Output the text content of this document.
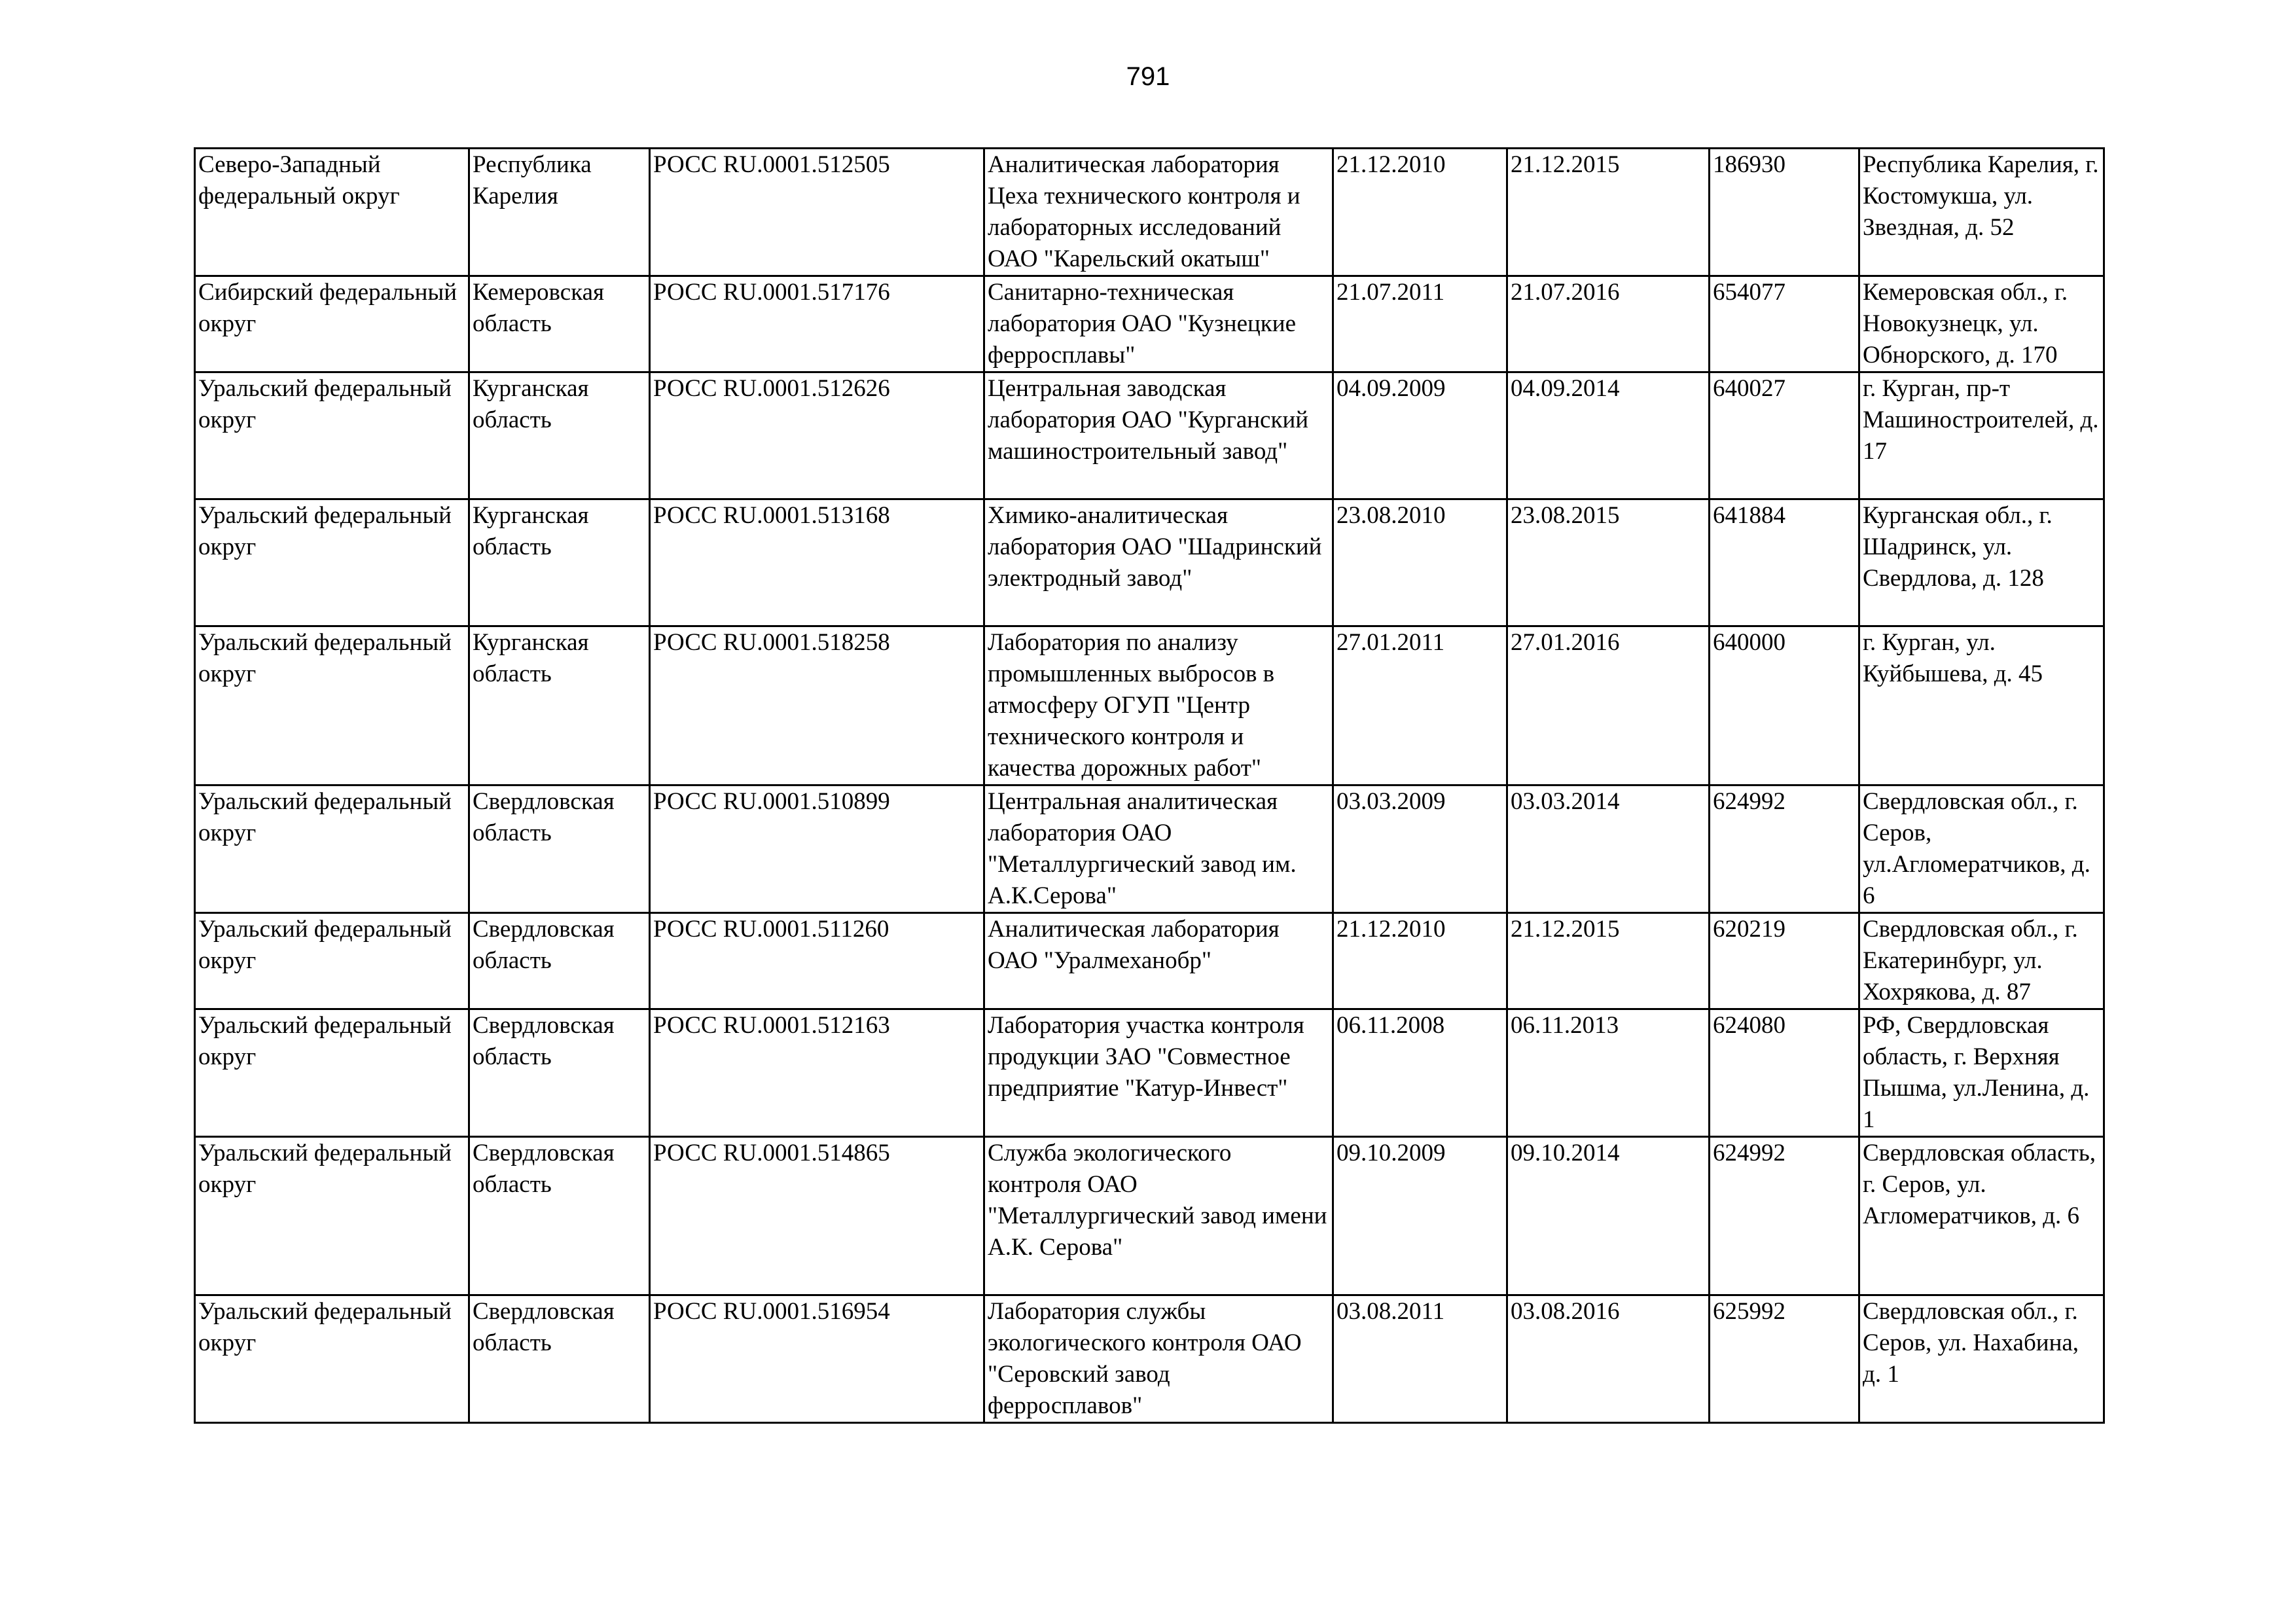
791
Северо-Западный федеральный округ	Республика Карелия	РОСС RU.0001.512505	Аналитическая лаборатория Цеха технического контроля и лабораторных исследований ОАО "Карельский окатыш"	21.12.2010	21.12.2015	186930	Республика Карелия, г. Костомукша, ул. Звездная, д. 52
Сибирский федеральный округ	Кемеровская область	РОСС RU.0001.517176	Санитарно-техническая лаборатория ОАО "Кузнецкие ферросплавы"	21.07.2011	21.07.2016	654077	Кемеровская обл., г. Новокузнецк, ул. Обнорского, д. 170
Уральский федеральный округ	Курганская область	РОСС RU.0001.512626	Центральная заводская лаборатория ОАО "Курганский машиностроительный завод"	04.09.2009	04.09.2014	640027	г. Курган, пр-т Машиностроителей, д. 17
Уральский федеральный округ	Курганская область	РОСС RU.0001.513168	Химико-аналитическая лаборатория ОАО "Шадринский электродный завод"	23.08.2010	23.08.2015	641884	Курганская обл., г. Шадринск, ул. Свердлова, д. 128
Уральский федеральный округ	Курганская область	РОСС RU.0001.518258	Лаборатория по анализу промышленных выбросов в атмосферу ОГУП "Центр технического контроля и качества дорожных работ"	27.01.2011	27.01.2016	640000	г. Курган, ул. Куйбышева, д. 45
Уральский федеральный округ	Свердловская область	РОСС RU.0001.510899	Центральная аналитическая лаборатория ОАО "Металлургический завод им. А.К.Серова"	03.03.2009	03.03.2014	624992	Свердловская обл., г. Серов, ул.Агломератчиков, д. 6
Уральский федеральный округ	Свердловская область	РОСС RU.0001.511260	Аналитическая лаборатория ОАО "Уралмеханобр"	21.12.2010	21.12.2015	620219	Свердловская обл., г. Екатеринбург, ул. Хохрякова, д. 87
Уральский федеральный округ	Свердловская область	РОСС RU.0001.512163	Лаборатория участка контроля продукции ЗАО "Совместное предприятие "Катур-Инвест"	06.11.2008	06.11.2013	624080	РФ, Свердловская область, г. Верхняя Пышма, ул.Ленина, д. 1
Уральский федеральный округ	Свердловская область	РОСС RU.0001.514865	Служба экологического контроля ОАО "Металлургический завод имени А.К. Серова"	09.10.2009	09.10.2014	624992	Свердловская область, г. Серов, ул. Агломератчиков, д. 6
Уральский федеральный округ	Свердловская область	РОСС RU.0001.516954	Лаборатория службы экологического контроля ОАО "Серовский завод ферросплавов"	03.08.2011	03.08.2016	625992	Свердловская обл., г. Серов, ул. Нахабина, д. 1
